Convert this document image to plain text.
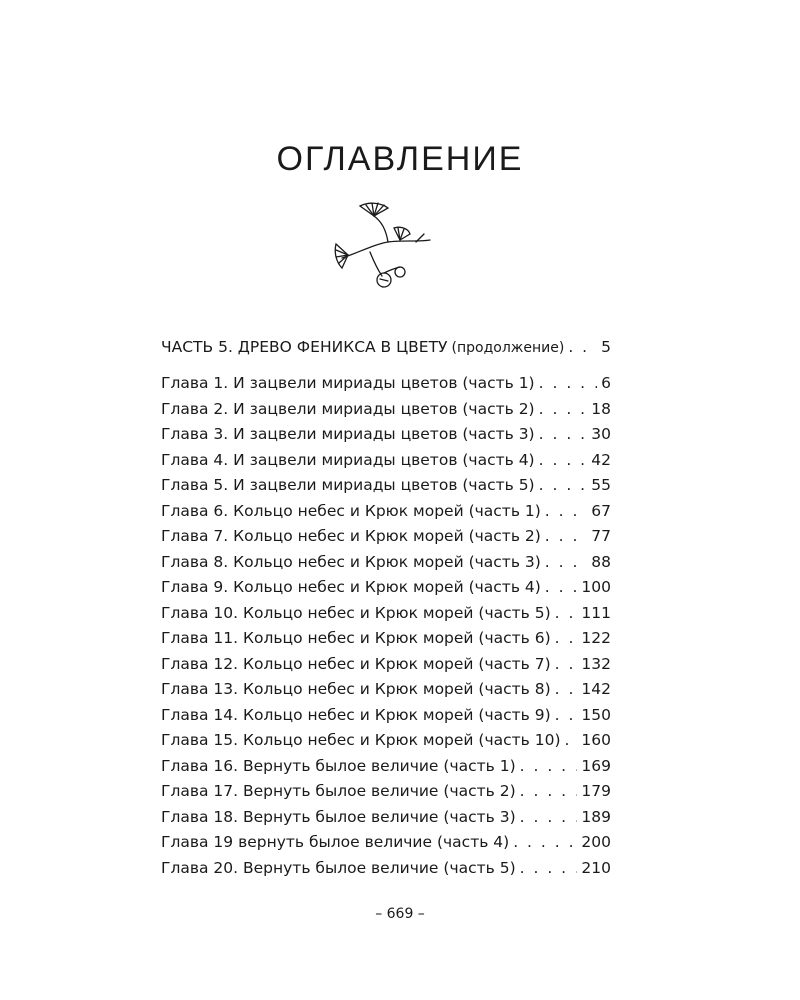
ОГЛАВЛЕНИЕ
ЧАСТЬ 5. ДРЕВО ФЕНИКСА В ЦВЕТУ (продолжение) . . . 5
Глава 1. И зацвели мириады цветов (часть 1) . . .	6
Глава 2. И зацвели мириады цветов (часть 2) . . .	18
Глава 3. И зацвели мириады цветов (часть 3) . . .	30
Глава 4. И зацвели мириады цветов (часть 4) . . .	42
Глава 5. И зацвели мириады цветов (часть 5) . . .	55
Глава 6. Кольцо небес и Крюк морей (часть 1) . . .	67
Глава 7. Кольцо небес и Крюк морей (часть 2) . . .	77
Глава 8. Кольцо небес и Крюк морей (часть 3) . . .	88
Глава 9. Кольцо небес и Крюк морей (часть 4) . . .	100
Глава 10. Кольцо небес и Крюк морей (часть 5) . . . 111
Глава 11. Кольцо небес и Крюк морей (часть 6) . . . 122
Глава 12. Кольцо небес и Крюк морей (часть 7) . . . 132
Глава 13. Кольцо небес и Крюк морей (часть 8) . . . 142
Глава 14. Кольцо небес и Крюк морей (часть 9) . . . 150
Глава 15. Кольцо небес и Крюк морей (часть 10) . . . 160
Глава 16. Вернуть былое величие (часть 1) . . .	169
Глава 17. Вернуть былое величие (часть 2) . . .	179
Глава 18. Вернуть былое величие (часть 3) . . .	189
Глава 19 вернуть былое величие (часть 4) . . .	200
Глава 20. Вернуть былое величие (часть 5) . . .	210
– 669 –
